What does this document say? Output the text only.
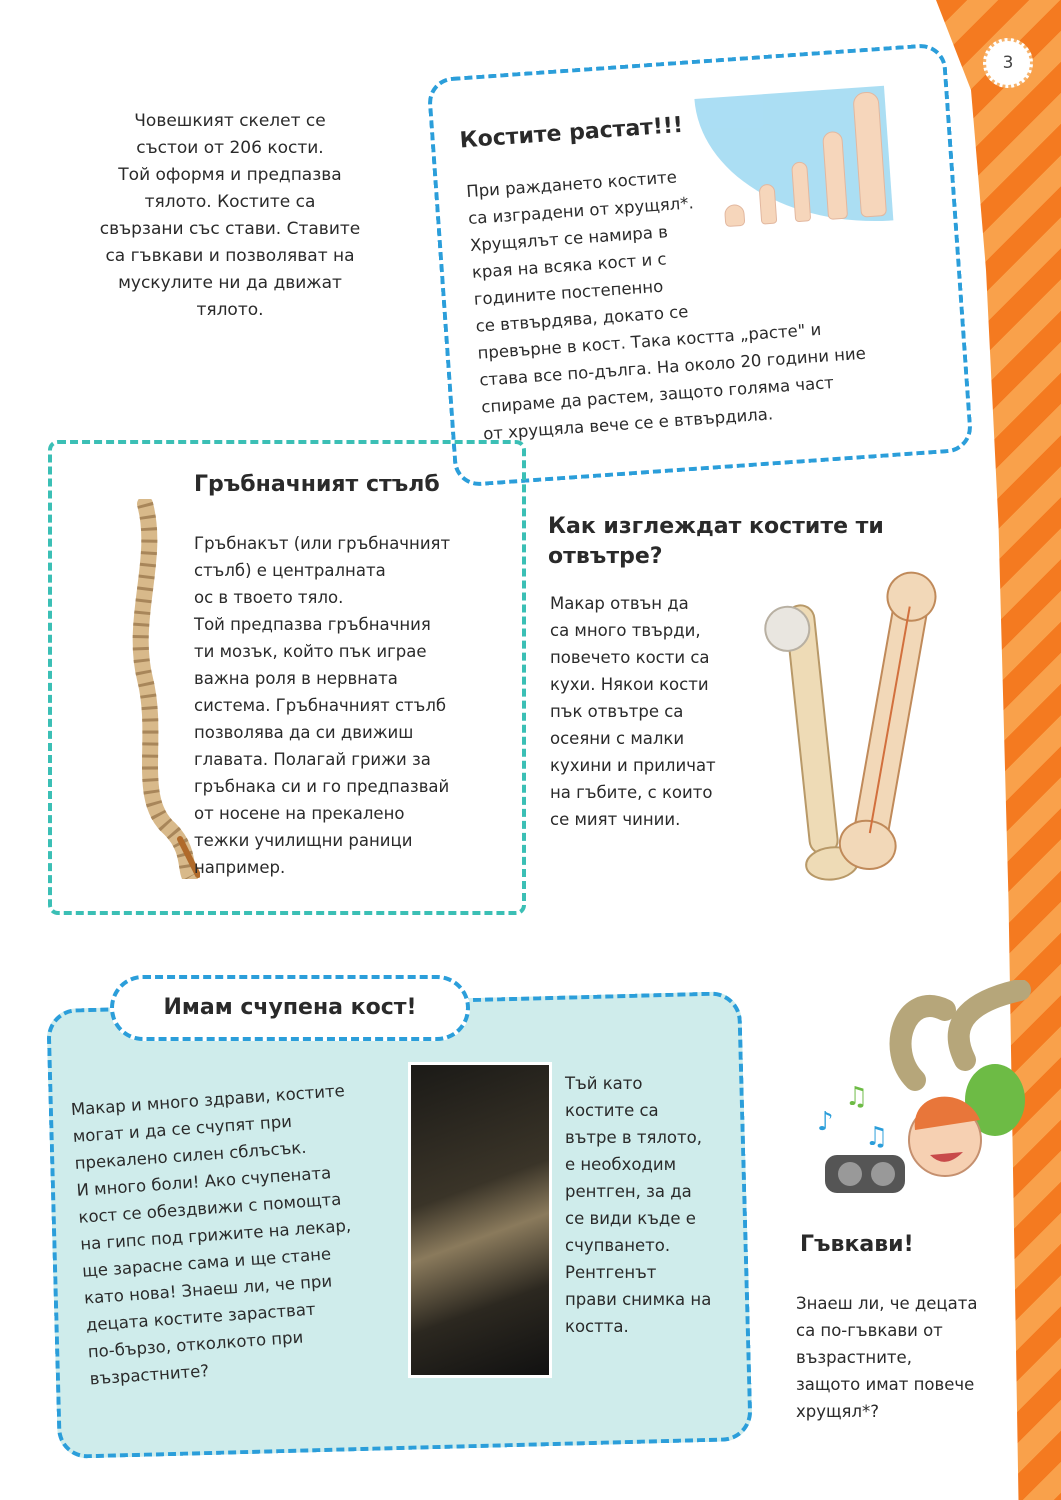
3
Човешкият скелет се
състои от 206 кости.
Той оформя и предпазва
тялото. Костите са
свързани със стави. Ставите
са гъвкави и позволяват на
мускулите ни да движат
тялото.
Костите растат!!!
При раждането костите
са изградени от хрущял*.
Хрущялът се намира в
края на всяка кост и с
годините постепенно
се втвърдява, докато се
превърне в кост. Така костта „расте" и
става все по-дълга. На около 20 години ние
спираме да растем, защото голяма част
от хрущяла вече се е втвърдила.
Гръбначният стълб
Гръбнакът (или гръбначният
стълб) е централната
ос в твоето тяло.
Той предпазва гръбначния
ти мозък, който пък играе
важна роля в нервната
система. Гръбначният стълб
позволява да си движиш
главата. Полагай грижи за
гръбнака си и го предпазвай
от носене на прекалено
тежки училищни раници
например.
Как изглеждат костите ти отвътре?
Макар отвън да
са много твърди,
повечето кости са
кухи. Някои кости
пък отвътре са
осеяни с малки
кухини и приличат
на гъбите, с които
се мият чинии.
Имам счупена кост!
Макар и много здрави, костите
могат и да се счупят при
прекалено силен сблъсък.
И много боли! Ако счупената
кост се обездвижи с помощта
на гипс под грижите на лекар,
ще зарасне сама и ще стане
като нова! Знаеш ли, че при
децата костите зарастват
по-бързо, отколкото при
възрастните?
Тъй като
костите са
вътре в тялото,
е необходим
рентген, за да
се види къде е
счупването.
Рентгенът
прави снимка на
костта.
♪
♫
♫
Гъвкави!
Знаеш ли, че децата
са по-гъвкави от
възрастните,
защото имат повече
хрущял*?
